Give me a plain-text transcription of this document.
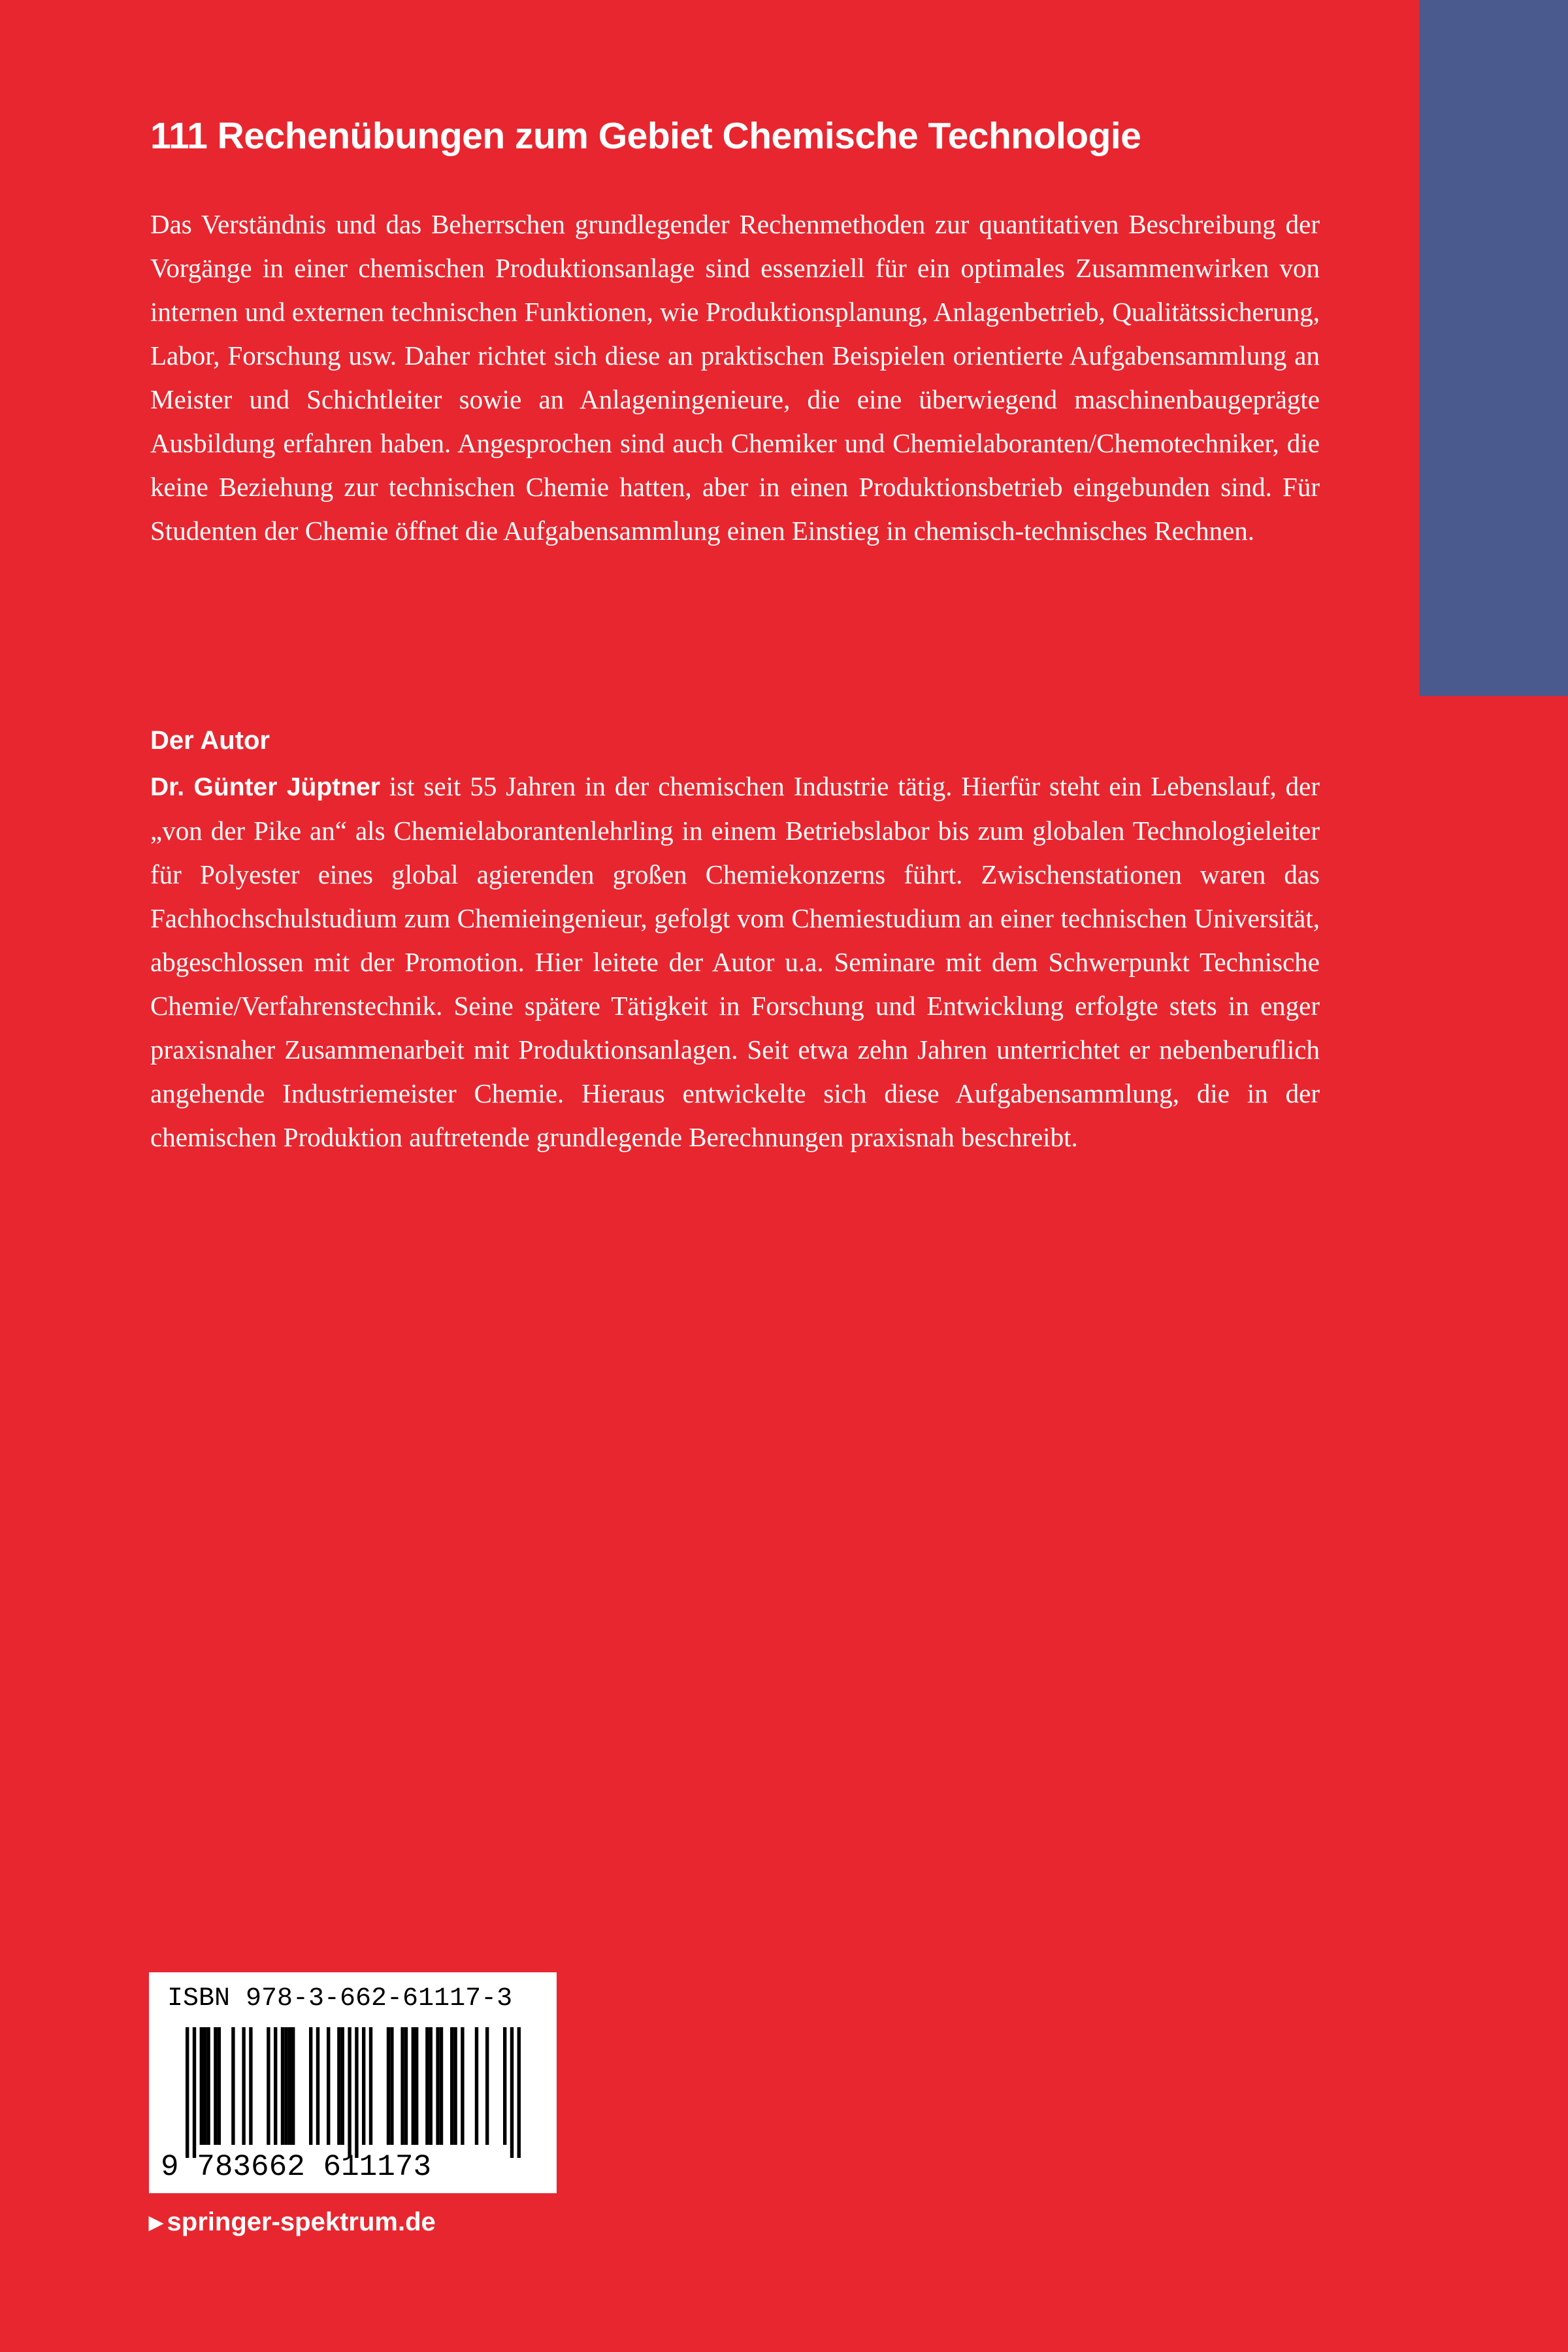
111 Rechenübungen zum Gebiet Chemische Technologie

Das Verständnis und das Beherrschen grundlegender Rechenmethoden zur quantitativen Beschreibung der Vorgänge in einer chemischen Produktionsanlage sind essenziell für ein optimales Zusammenwirken von internen und externen technischen Funktionen, wie Produktionsplanung, Anlagenbetrieb, Qualitätssicherung, Labor, Forschung usw. Daher richtet sich diese an praktischen Beispielen orientierte Aufgabensammlung an Meister und Schichtleiter sowie an Anlageningenieure, die eine überwiegend maschinenbaugeprägte Ausbildung erfahren haben. Angesprochen sind auch Chemiker und Chemielaboranten/Chemotechniker, die keine Beziehung zur technischen Chemie hatten, aber in einen Produktionsbetrieb eingebunden sind. Für Studenten der Chemie öffnet die Aufgabensammlung einen Einstieg in chemisch-technisches Rechnen.

Der Autor

Dr. Günter Jüptner ist seit 55 Jahren in der chemischen Industrie tätig. Hierfür steht ein Lebenslauf, der „von der Pike an“ als Chemielaborantenlehrling in einem Betriebslabor bis zum globalen Technologieleiter für Polyester eines global agierenden großen Chemiekonzerns führt. Zwischenstationen waren das Fachhochschulstudium zum Chemieingenieur, gefolgt vom Chemiestudium an einer technischen Universität, abgeschlossen mit der Promotion. Hier leitete der Autor u.a. Seminare mit dem Schwerpunkt Technische Chemie/Verfahrenstechnik. Seine spätere Tätigkeit in Forschung und Entwicklung erfolgte stets in enger praxisnaher Zusammenarbeit mit Produktionsanlagen. Seit etwa zehn Jahren unterrichtet er nebenberuflich angehende Industriemeister Chemie. Hieraus entwickelte sich diese Aufgabensammlung, die in der chemischen Produktion auftretende grundlegende Berechnungen praxisnah beschreibt.

ISBN 978-3-662-61117-3
9 783662 611173
▶ springer-spektrum.de
